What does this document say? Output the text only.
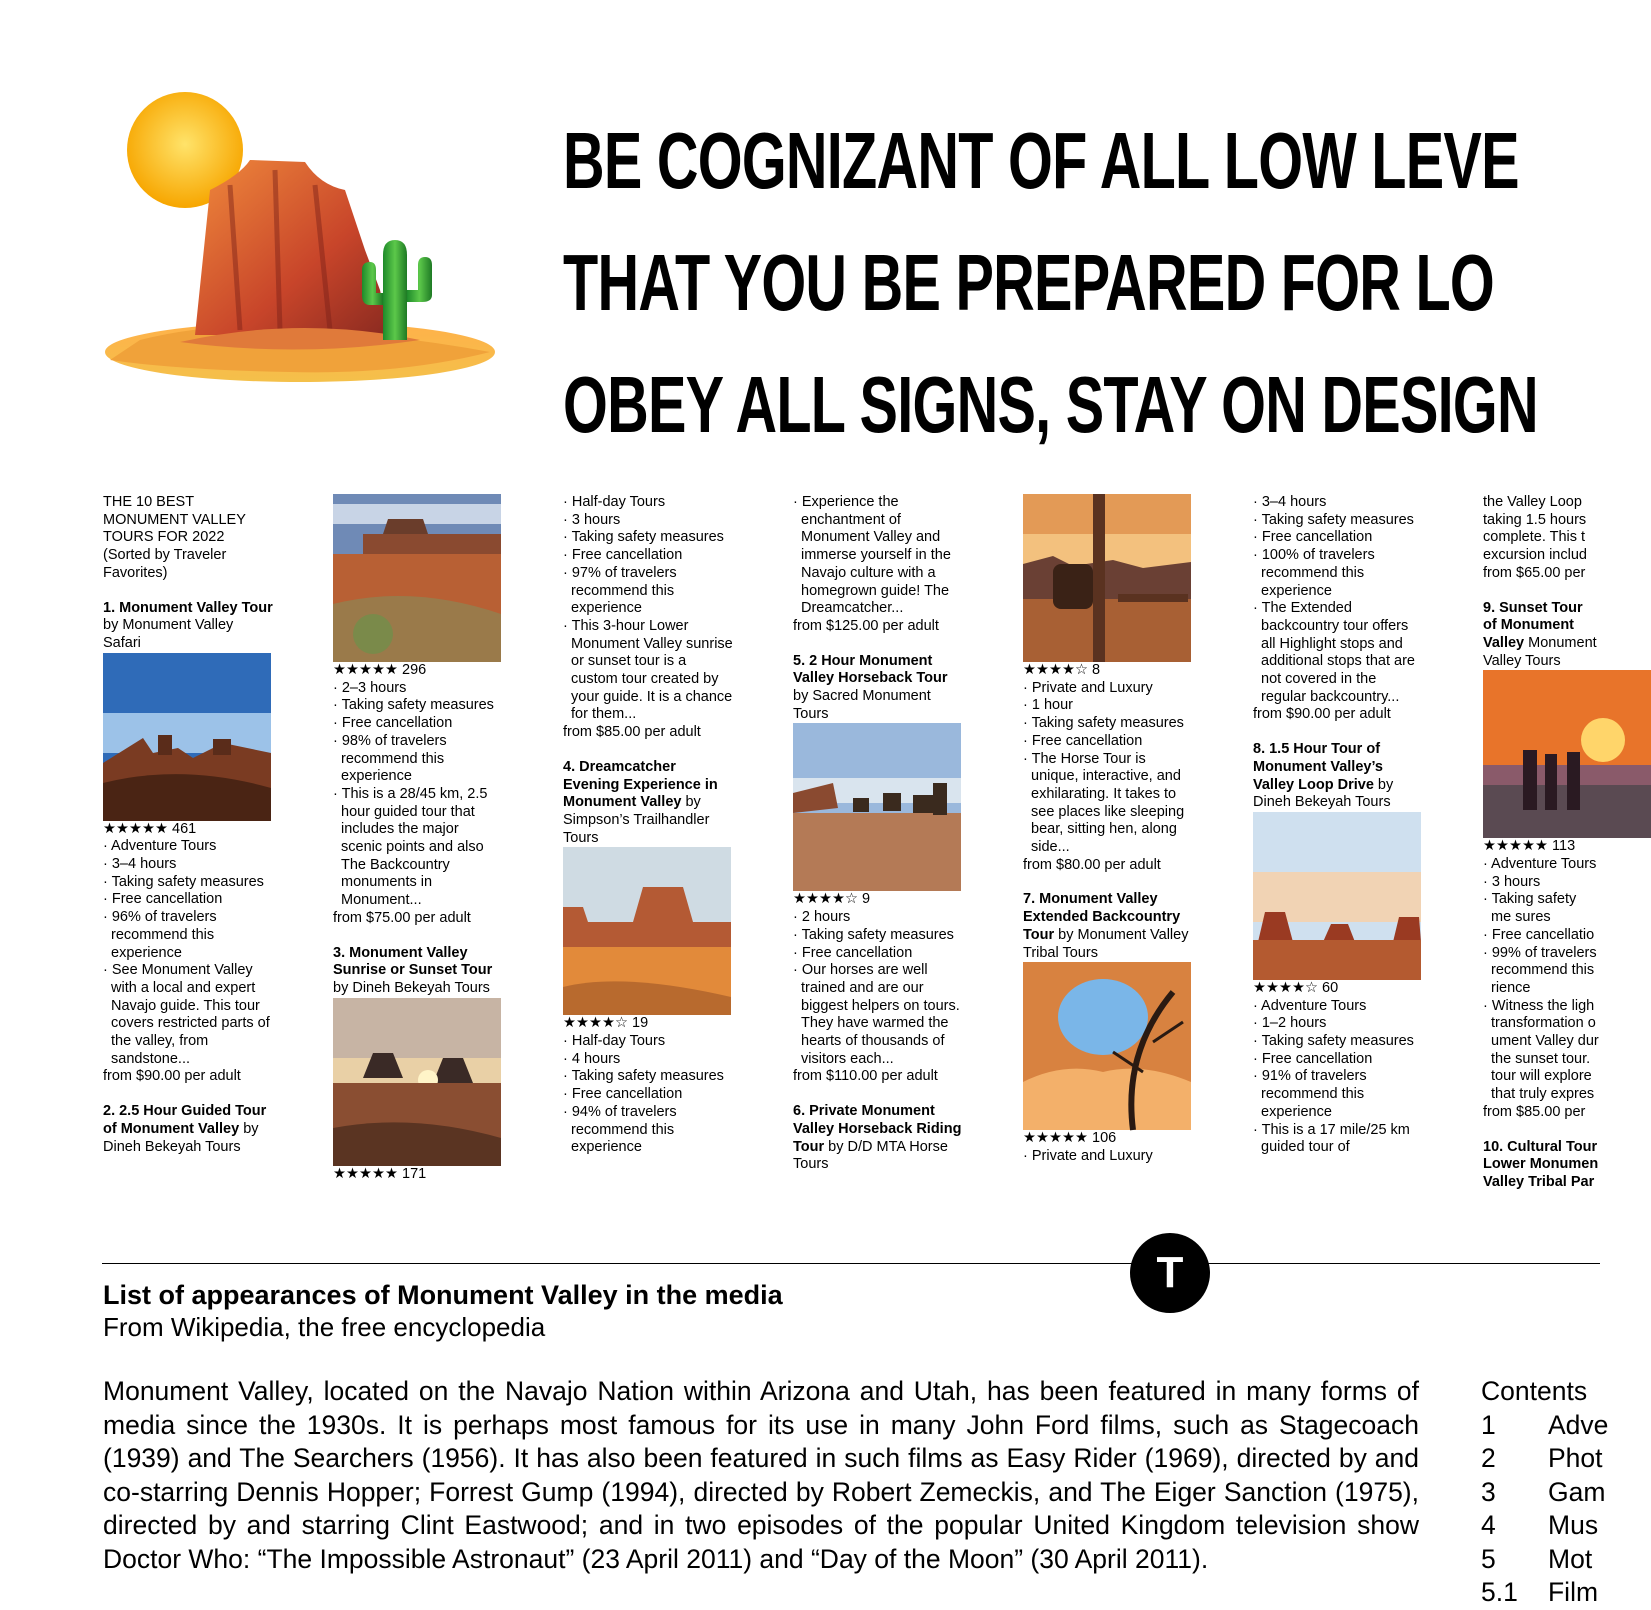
BE COGNIZANT OF ALL LOW LEVE
THAT YOU BE PREPARED FOR LO
OBEY ALL SIGNS, STAY ON DESIGN

THE 10 BEST MONUMENT VALLEY TOURS FOR 2022 (Sorted by Traveler Favorites)

1. Monument Valley Tour by Monument Valley Safari

★★★★★ 461

· Adventure Tours

· 3–4 hours

· Taking safety measures

· Free cancellation

· 96% of travelers recommend this experience

· See Monument Valley with a local and expert Navajo guide. This tour covers restricted parts of the valley, from sandstone...

from $90.00 per adult

2. 2.5 Hour Guided Tour of Monument Valley by Dineh Bekeyah Tours

★★★★★ 296

· 2–3 hours

· Taking safety measures

· Free cancellation

· 98% of travelers recommend this experience

· This is a 28/45 km, 2.5 hour guided tour that includes the major scenic points and also The Backcountry monuments in Monument...

from $75.00 per adult

3. Monument Valley Sunrise or Sunset Tour by Dineh Bekeyah Tours

★★★★★ 171

· Half-day Tours

· 3 hours

· Taking safety measures

· Free cancellation

· 97% of travelers recommend this experience

· This 3-hour Lower Monument Valley sunrise or sunset tour is a custom tour created by your guide. It is a chance for them...

from $85.00 per adult

4. Dreamcatcher Evening Experience in Monument Valley by Simpson’s Trailhandler Tours

★★★★☆ 19

· Half-day Tours

· 4 hours

· Taking safety measures

· Free cancellation

· 94% of travelers recommend this experience

· Experience the enchantment of Monument Valley and immerse yourself in the Navajo culture with a homegrown guide! The Dreamcatcher...

from $125.00 per adult

5. 2 Hour Monument Valley Horseback Tour by Sacred Monument Tours

★★★★☆ 9

· 2 hours

· Taking safety measures

· Free cancellation

· Our horses are well trained and are our biggest helpers on tours. They have warmed the hearts of thousands of visitors each...

from $110.00 per adult

6. Private Monument Valley Horseback Riding Tour by D/D MTA Horse Tours

★★★★☆ 8

· Private and Luxury

· 1 hour

· Taking safety measures

· Free cancellation

· The Horse Tour is unique, interactive, and exhilarating. It takes to see places like sleeping bear, sitting hen, along side...

from $80.00 per adult

7. Monument Valley Extended Backcountry Tour by Monument Valley Tribal Tours

★★★★★ 106

· Private and Luxury

· 3–4 hours

· Taking safety measures

· Free cancellation

· 100% of travelers recommend this experience

· The Extended backcountry tour offers all Highlight stops and additional stops that are not covered in the regular backcountry...

from $90.00 per adult

8. 1.5 Hour Tour of Monument Valley’s Valley Loop Drive by Dineh Bekeyah Tours

★★★★☆ 60

· Adventure Tours

· 1–2 hours

· Taking safety measures

· Free cancellation

· 91% of travelers recommend this experience

· This is a 17 mile/25 km guided tour of

the Valley Loop taking 1.5 hours complete. This t excursion includ

from $65.00 per

9. Sunset Tour of Monument Valley Monument Valley Tours

★★★★★ 113

· Adventure Tours

· 3 hours

· Taking safety me sures

· Free cancellatio

· 99% of travelers recommend this rience

· Witness the ligh transformation o ument Valley dur the sunset tour. tour will explore that truly expres

from $85.00 per

10. Cultural Tour Lower Monumen Valley Tribal Par

T
List of appearances of Monument Valley in the media
From Wikipedia, the free encyclopedia
Monument Valley, located on the Navajo Nation within Arizona and Utah, has been featured in many forms of media since the 1930s. It is perhaps most famous for its use in many John Ford films, such as Stagecoach (1939) and The Searchers (1956). It has also been featured in such films as Easy Rider (1969), directed by and co-starring Dennis Hopper; Forrest Gump (1994), directed by Robert Zemeckis, and The Eiger Sanction (1975), directed by and starring Clint Eastwood; and in two episodes of the popular United Kingdom television show Doctor Who: “The Impossible Astronaut” (23 April 2011) and “Day of the Moon” (30 April 2011).
Contents
1 Adve
2 Phot
3 Gam
4 Mus
5 Mot
5.1 Film
